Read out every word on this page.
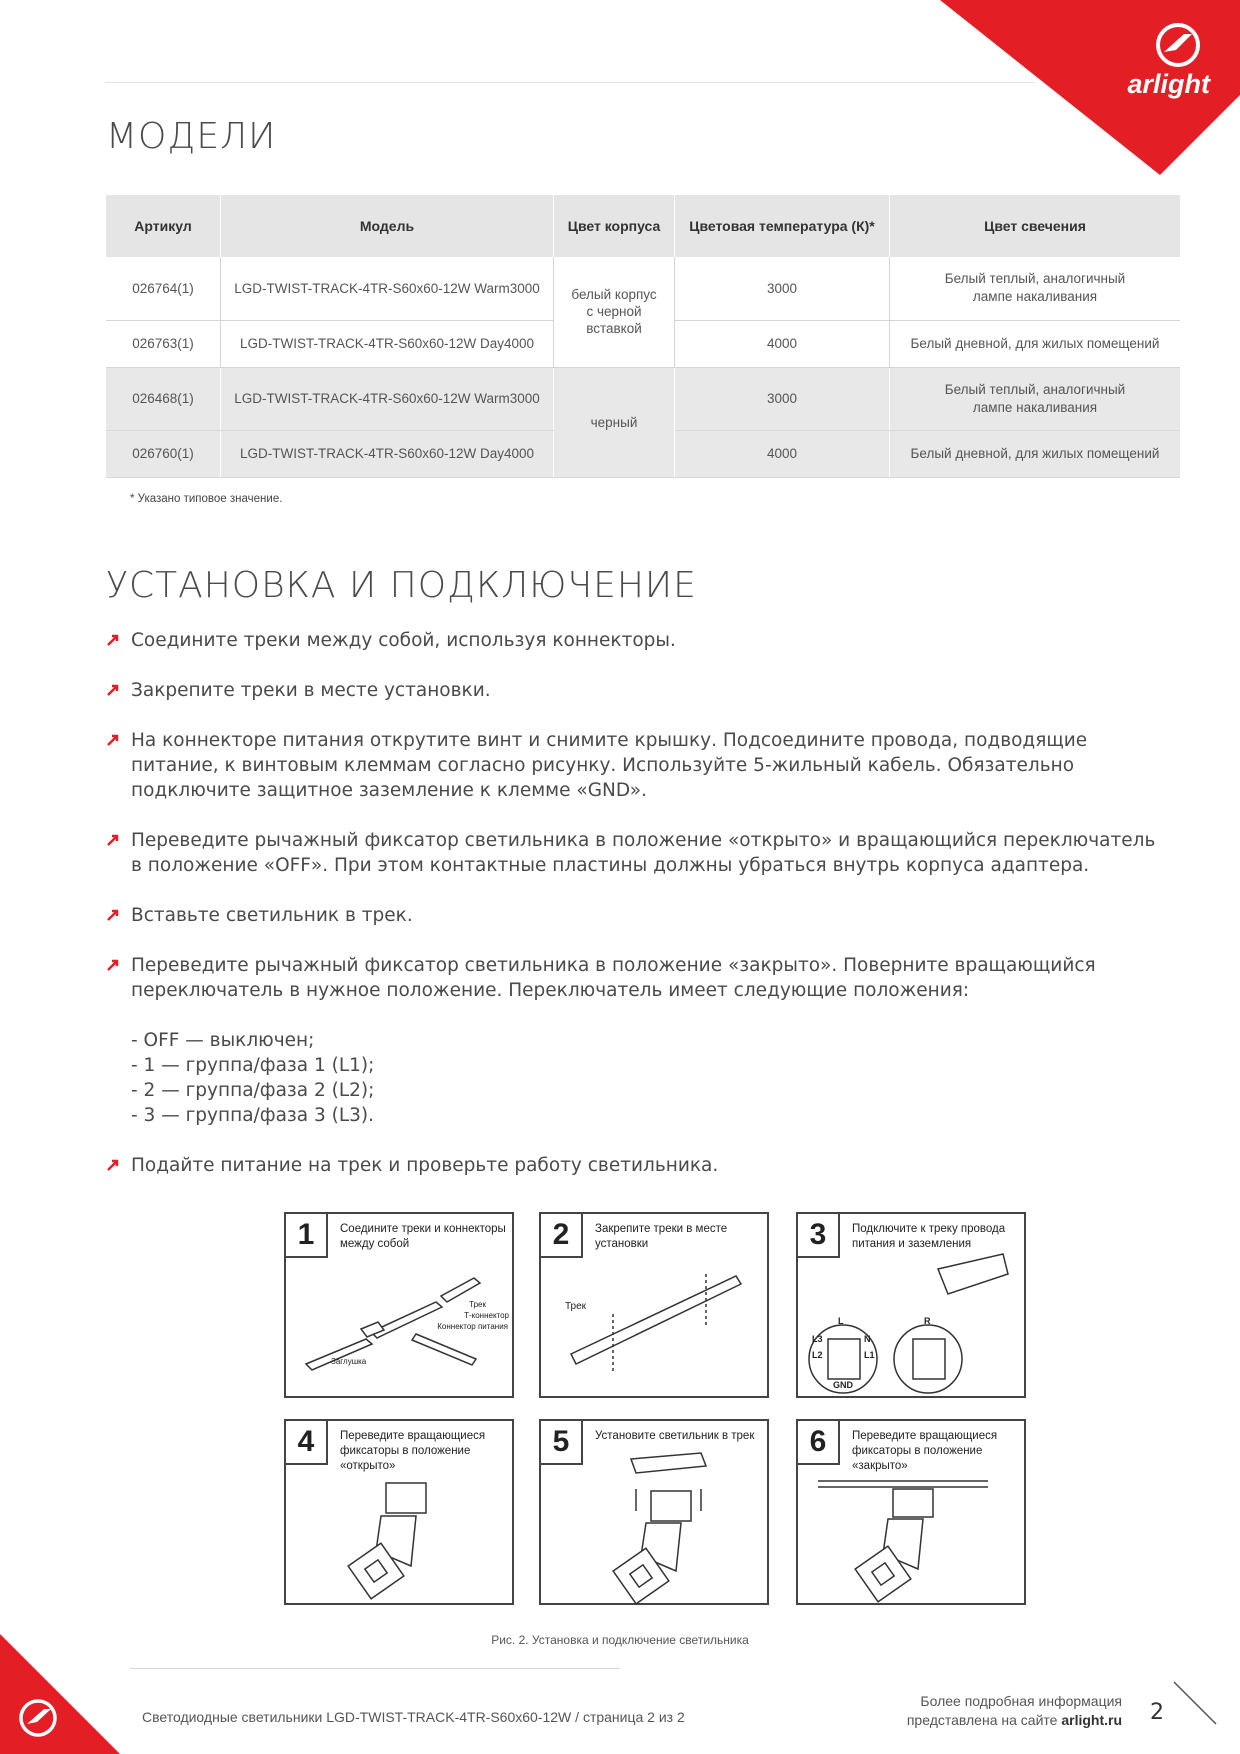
arlight
МОДЕЛИ
Артикул	Модель	Цвет корпуса	Цветовая температура (К)*	Цвет свечения
026764(1)	LGD-TWIST-TRACK-4TR-S60x60-12W Warm3000	белый корпус с черной вставкой	3000	Белый теплый, аналогичный лампе накаливания
026763(1)	LGD-TWIST-TRACK-4TR-S60x60-12W Day4000		4000	Белый дневной, для жилых помещений
026468(1)	LGD-TWIST-TRACK-4TR-S60x60-12W Warm3000	черный	3000	Белый теплый, аналогичный лампе накаливания
026760(1)	LGD-TWIST-TRACK-4TR-S60x60-12W Day4000		4000	Белый дневной, для жилых помещений
* Указано типовое значение.
УСТАНОВКА И ПОДКЛЮЧЕНИЕ
Соедините треки между собой, используя коннекторы.
Закрепите треки в месте установки.
На коннекторе питания открутите винт и снимите крышку. Подсоедините провода, подводящие питание, к винтовым клеммам согласно рисунку. Используйте 5-жильный кабель. Обязательно подключите защитное заземление к клемме «GND».
Переведите рычажный фиксатор светильника в положение «открыто» и вращающийся переключатель в положение «OFF». При этом контактные пластины должны убраться внутрь корпуса адаптера.
Вставьте светильник в трек.
Переведите рычажный фиксатор светильника в положение «закрыто». Поверните вращающийся переключатель в нужное положение. Переключатель имеет следующие положения:
- OFF — выключен;
- 1 — группа/фаза 1 (L1);
- 2 — группа/фаза 2 (L2);
- 3 — группа/фаза 3 (L3).
Подайте питание на трек и проверьте работу светильника.
Трек
Т-коннектор
Коннектор питания
Заглушка
1	Соедините треки и коннекторы между собой
Трек
2	Закрепите треки в месте установки
L	R
L3
L2
N
L1
GND
3	Подключите к треку провода питания и заземления
4	Переведите вращающиеся фиксаторы в положение «открыто»
5	Установите светильник в трек	6	Переведите вращающиеся фиксаторы в положение «закрыто»
Рис. 2. Установка и подключение светильника
Светодиодные светильники LGD-TWIST-TRACK-4TR-S60x60-12W / страница 2 из 2
Более подробная информация
представлена на сайте arlight.ru 2
